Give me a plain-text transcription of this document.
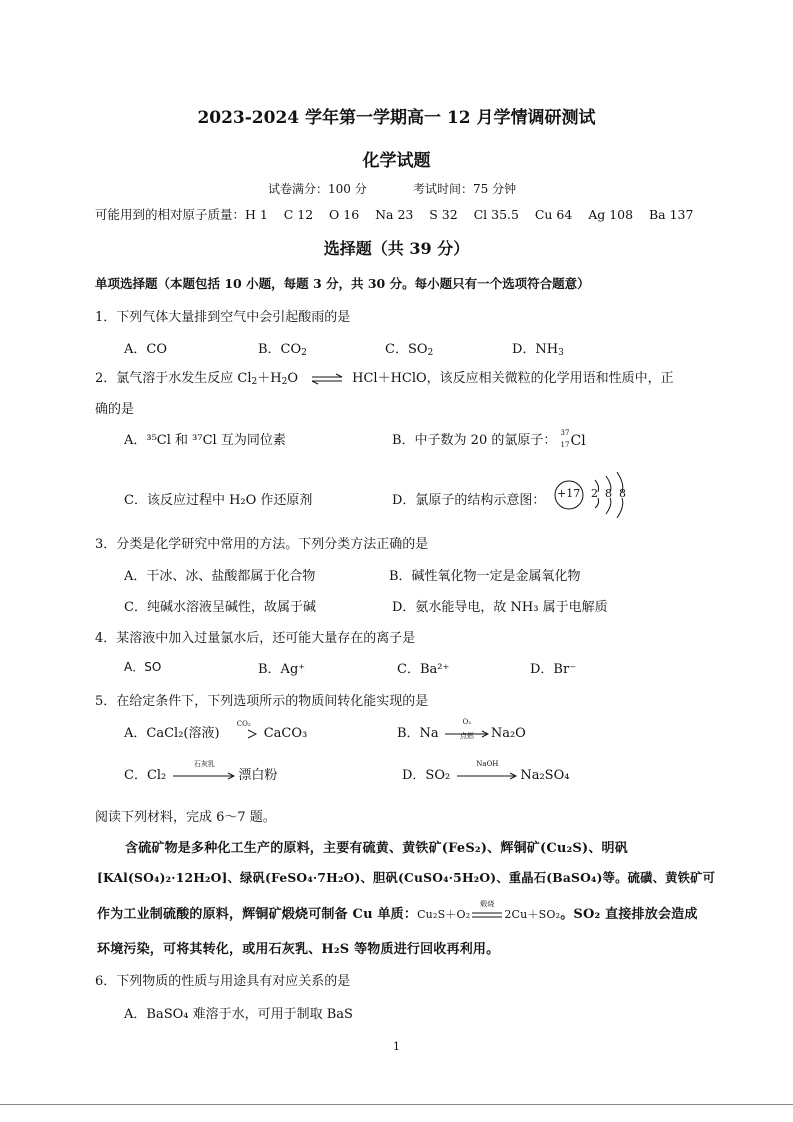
2023-2024 学年第一学期高一 12 月学情调研测试
化学试题
试卷满分：100 分	考试时间：75 分钟
可能用到的相对原子质量：H 1    C 12    O 16    Na 23    S 32    Cl 35.5    Cu 64    Ag 108    Ba 137
选择题（共 39 分）
单项选择题（本题包括 10 小题，每题 3 分，共 30 分。每小题只有一个选项符合题意）
1．下列气体大量排到空气中会引起酸雨的是
A．CO	B．$CO_2$	C．$SO_2$	D．$NH_3$
2．氯气溶于水发生反应 $Cl_2+H_2O$ ⇌ HCl＋HClO，该反应相关微粒的化学用语和性质中，正
确的是
A．³⁵Cl 和 ³⁷Cl 互为同位素	B．中子数为 20 的氯原子：
37
17 Cl
C．该反应过程中 H₂O 作还原剂	D．氯原子的结构示意图： +17 2  8  8
3．分类是化学研究中常用的方法。下列分类方法正确的是
A．干冰、冰、盐酸都属于化合物	B．碱性氧化物一定是金属氧化物
C．纯碱水溶液呈碱性，故属于碱	D．氨水能导电，故 NH₃ 属于电解质
4．某溶液中加入过量氯水后，还可能大量存在的离子是
A．SO	B．Ag⁺	C．Ba²⁺	D．Br⁻
5．在给定条件下，下列选项所示的物质间转化能实现的是
A．CaCl₂(溶液)
CO₂
CaCO₃	B．Na
O₂
点燃	Na₂O
C．Cl₂
石灰乳
漂白粉	D．SO₂
NaOH
Na₂SO₄
阅读下列材料，完成 6～7 题。
含硫矿物是多种化工生产的原料，主要有硫黄、黄铁矿(FeS₂)、辉铜矿(Cu₂S)、明矾
[KAl(SO₄)₂·12H₂O]、绿矾(FeSO₄·7H₂O)、胆矾(CuSO₄·5H₂O)、重晶石(BaSO₄)等。硫磺、黄铁矿可
作为工业制硫酸的原料，辉铜矿煅烧可制备 Cu 单质：Cu₂S＋O₂
煅烧
2Cu＋SO₂。SO₂ 直接排放会造成
环境污染，可将其转化，或用石灰乳、H₂S 等物质进行回收再利用。
6．下列物质的性质与用途具有对应关系的是
A．BaSO₄ 难溶于水，可用于制取 BaS
1
